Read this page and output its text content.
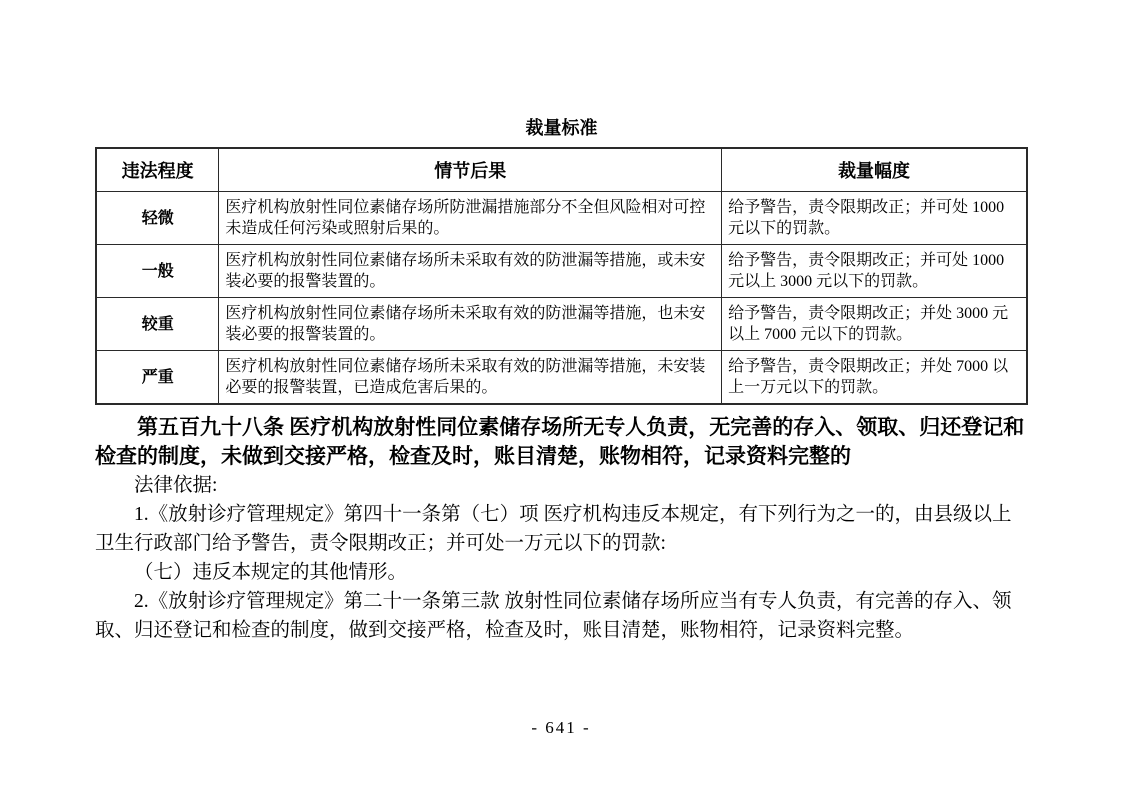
裁量标准
违法程度	情节后果	裁量幅度
轻微	医疗机构放射性同位素储存场所防泄漏措施部分不全但风险相对可控未造成任何污染或照射后果的。	给予警告，责令限期改正；并可处 1000 元以下的罚款。
一般	医疗机构放射性同位素储存场所未采取有效的防泄漏等措施，或未安装必要的报警装置的。	给予警告，责令限期改正；并可处 1000 元以上 3000 元以下的罚款。
较重	医疗机构放射性同位素储存场所未采取有效的防泄漏等措施，也未安装必要的报警装置的。	给予警告，责令限期改正；并处 3000 元以上 7000 元以下的罚款。
严重	医疗机构放射性同位素储存场所未采取有效的防泄漏等措施，未安装必要的报警装置，已造成危害后果的。	给予警告，责令限期改正；并处 7000 以上一万元以下的罚款。

第五百九十八条 医疗机构放射性同位素储存场所无专人负责，无完善的存入、领取、归还登记和检查的制度，未做到交接严格，检查及时，账目清楚，账物相符，记录资料完整的

法律依据:

1.《放射诊疗管理规定》第四十一条第（七）项 医疗机构违反本规定，有下列行为之一的，由县级以上卫生行政部门给予警告，责令限期改正；并可处一万元以下的罚款:

（七）违反本规定的其他情形。

2.《放射诊疗管理规定》第二十一条第三款 放射性同位素储存场所应当有专人负责，有完善的存入、领取、归还登记和检查的制度，做到交接严格，检查及时，账目清楚，账物相符，记录资料完整。

- 641 -
